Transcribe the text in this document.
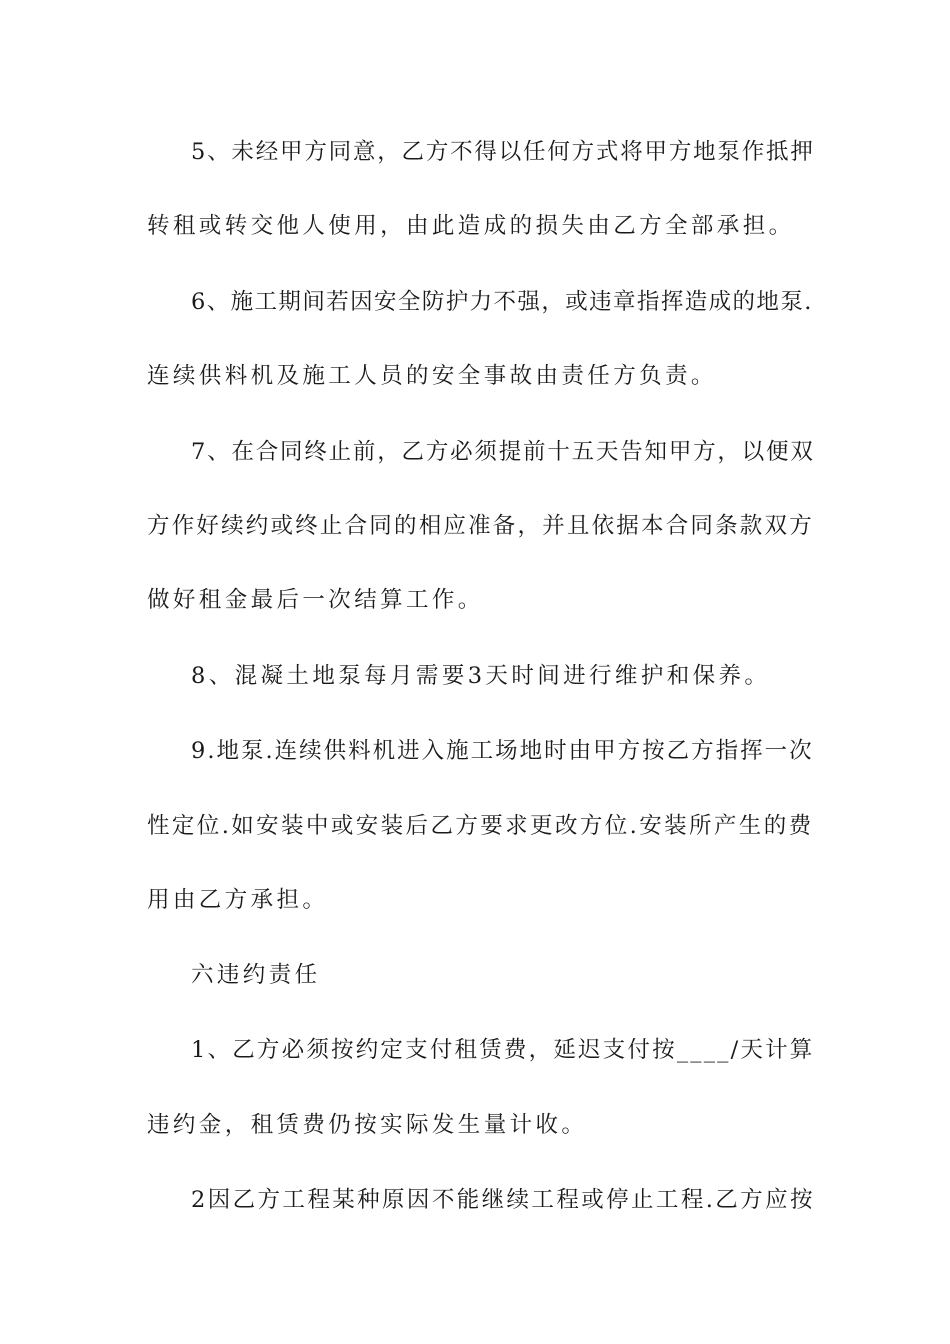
5、未经甲方同意，乙方不得以任何方式将甲方地泵作抵押
转租或转交他人使用，由此造成的损失由乙方全部承担。
6、施工期间若因安全防护力不强，或违章指挥造成的地泵.
连续供料机及施工人员的安全事故由责任方负责。
7、在合同终止前，乙方必须提前十五天告知甲方，以便双
方作好续约或终止合同的相应准备，并且依据本合同条款双方
做好租金最后一次结算工作。
8、混凝土地泵每月需要3天时间进行维护和保养。
9.地泵.连续供料机进入施工场地时由甲方按乙方指挥一次
性定位.如安装中或安装后乙方要求更改方位.安装所产生的费
用由乙方承担。
六违约责任
1、乙方必须按约定支付租赁费，延迟支付按____/天计算
违约金，租赁费仍按实际发生量计收。
2因乙方工程某种原因不能继续工程或停止工程.乙方应按
